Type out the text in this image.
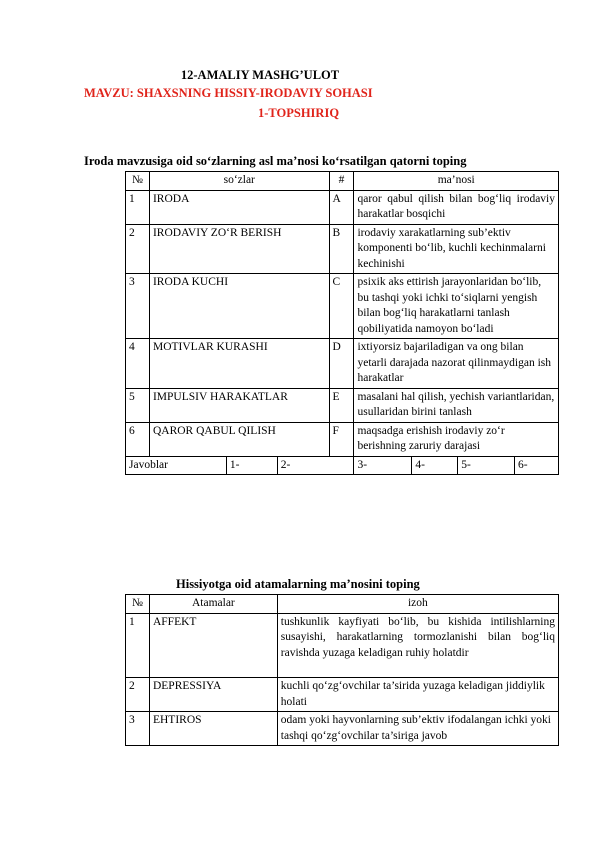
12-AMALIY MASHG’ULOT
MAVZU: SHAXSNING HISSIY-IRODAVIY SOHASI
1-TOPSHIRIQ
Iroda mavzusiga oid so‘zlarning asl ma’nosi ko‘rsatilgan qatorni toping
№	so‘zlar			#	ma’nosi			
1	IRODA			A	qaror qabul qilish bilan bog‘liq irodaviy harakatlar bosqichi			
2	IRODAVIY ZO‘R BERISH			B	irodaviy xarakatlarning sub’ektiv komponenti bo‘lib, kuchli kechinmalarni kechinishi			
3	IRODA KUCHI			C	psixik aks ettirish jarayonlaridan bo‘lib, bu tashqi yoki ichki to‘siqlarni yengish bilan bog‘liq harakatlarni tanlash qobiliyatida namoyon bo‘ladi			
4	MOTIVLAR KURASHI			D	ixtiyorsiz bajariladigan va ong bilan yetarli darajada nazorat qilinmaydigan ish harakatlar			
5	IMPULSIV HARAKATLAR			E	masalani hal qilish, yechish variantlaridan, usullaridan birini tanlash			
6	QAROR QABUL QILISH			F	maqsadga erishish irodaviy zo‘r berishning zaruriy darajasi			
Javoblar		1-	2-		3-	4-	5-	6-
Hissiyotga oid atamalarning ma’nosini toping
№	Atamalar	izoh
1	AFFEKT	tushkunlik kayfiyati bo‘lib, bu kishida intilishlarning susayishi, harakatlarning tormozlanishi bilan bog‘liq ravishda yuzaga keladigan ruhiy holatdir
2	DEPRESSIYA	kuchli qo‘zg‘ovchilar ta’sirida yuzaga keladigan jiddiylik holati
3	EHTIROS	odam yoki hayvonlarning sub’ektiv ifodalangan ichki yoki tashqi qo‘zg‘ovchilar ta’siriga javob
